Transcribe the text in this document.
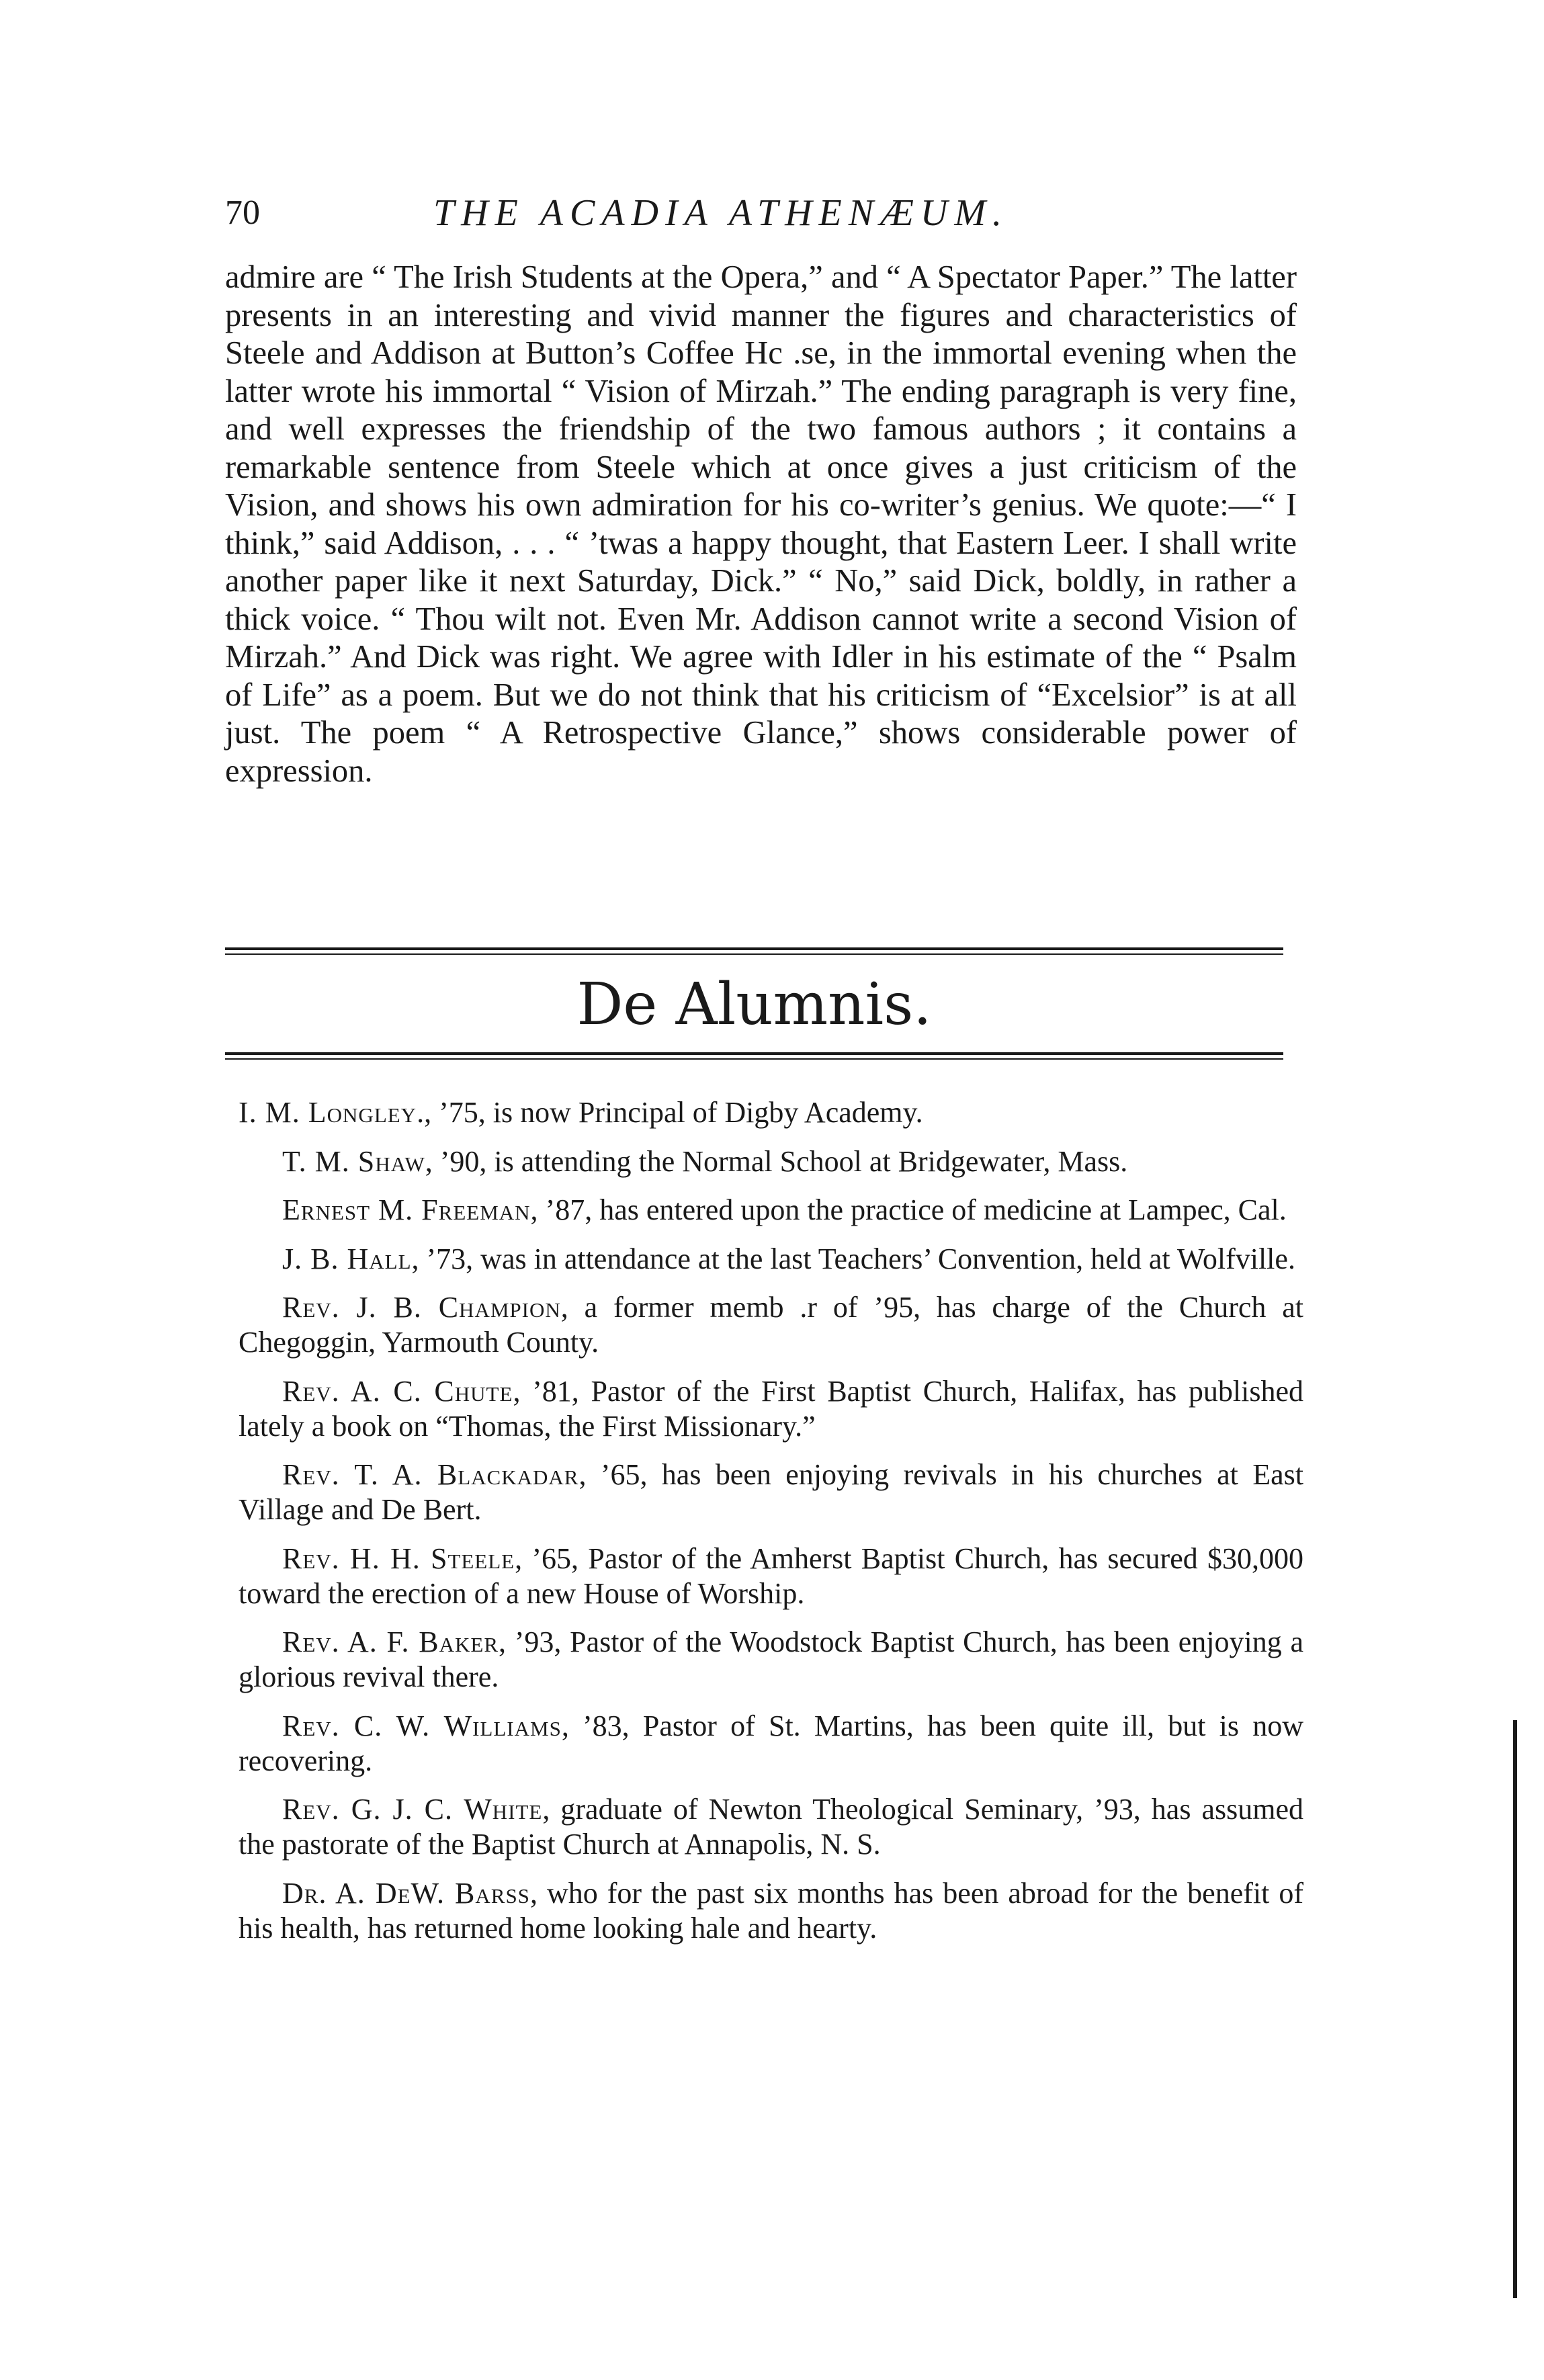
70	THE ACADIA ATHENÆUM.

admire are “ The Irish Students at the Opera,” and “ A Spectator Paper.” The latter presents in an interesting and vivid manner the figures and characteristics of Steele and Addison at Button’s Coffee Hc .se, in the immortal evening when the latter wrote his immortal “ Vision of Mirzah.” The ending paragraph is very fine, and well expresses the friendship of the two famous authors ; it contains a remarkable sentence from Steele which at once gives a just criticism of the Vision, and shows his own admiration for his co-writer’s genius. We quote:—“ I think,” said Addison, . . . “ ’twas a happy thought, that Eastern Leer. I shall write another paper like it next Saturday, Dick.” “ No,” said Dick, boldly, in rather a thick voice. “ Thou wilt not. Even Mr. Addison cannot write a second Vision of Mirzah.” And Dick was right. We agree with Idler in his estimate of the “ Psalm of Life” as a poem. But we do not think that his criticism of “Excelsior” is at all just. The poem “ A Retrospective Glance,” shows considerable power of expression.

De Alumnis.
I. M. Longley., ’75, is now Principal of Digby Academy.
T. M. Shaw, ’90, is attending the Normal School at Bridgewater, Mass.
Ernest M. Freeman, ’87, has entered upon the practice of medicine at Lampec, Cal.
J. B. Hall, ’73, was in attendance at the last Teachers’ Convention, held at Wolfville.
Rev. J. B. Champion, a former memb .r of ’95, has charge of the Church at Chegoggin, Yarmouth County.
Rev. A. C. Chute, ’81, Pastor of the First Baptist Church, Halifax, has published lately a book on “Thomas, the First Missionary.”
Rev. T. A. Blackadar, ’65, has been enjoying revivals in his churches at East Village and De Bert.
Rev. H. H. Steele, ’65, Pastor of the Amherst Baptist Church, has secured $30,000 toward the erection of a new House of Worship.
Rev. A. F. Baker, ’93, Pastor of the Woodstock Baptist Church, has been enjoying a glorious revival there.
Rev. C. W. Williams, ’83, Pastor of St. Martins, has been quite ill, but is now recovering.
Rev. G. J. C. White, graduate of Newton Theological Seminary, ’93, has assumed the pastorate of the Baptist Church at Annapolis, N. S.
Dr. A. DeW. Barss, who for the past six months has been abroad for the benefit of his health, has returned home looking hale and hearty.
